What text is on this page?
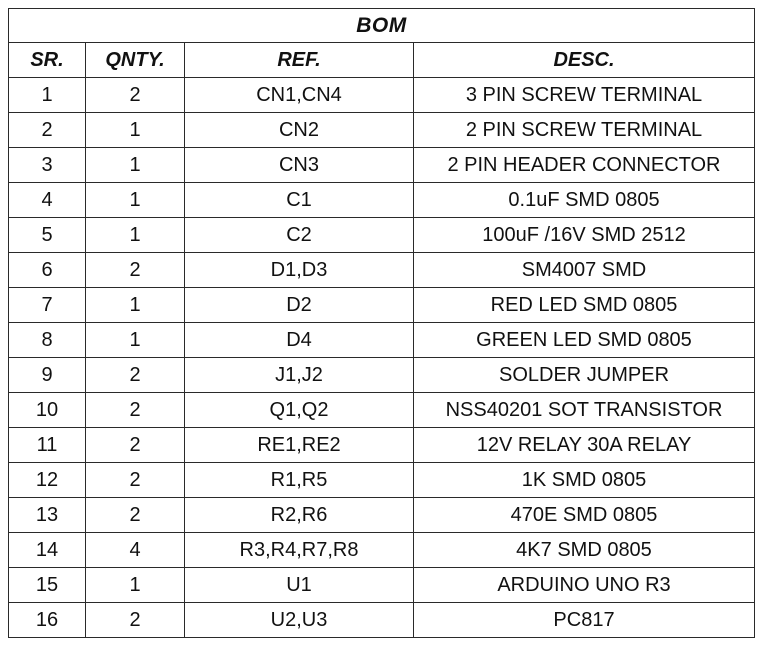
BOM			
SR.	QNTY.	REF.	DESC.
1	2	CN1,CN4	3 PIN SCREW TERMINAL
2	1	CN2	2 PIN SCREW TERMINAL
3	1	CN3	2 PIN HEADER CONNECTOR
4	1	C1	0.1uF SMD 0805
5	1	C2	100uF /16V SMD 2512
6	2	D1,D3	SM4007 SMD
7	1	D2	RED LED SMD 0805
8	1	D4	GREEN LED SMD 0805
9	2	J1,J2	SOLDER JUMPER
10	2	Q1,Q2	NSS40201 SOT TRANSISTOR
11	2	RE1,RE2	12V RELAY 30A RELAY
12	2	R1,R5	1K SMD 0805
13	2	R2,R6	470E SMD 0805
14	4	R3,R4,R7,R8	4K7 SMD 0805
15	1	U1	ARDUINO UNO R3
16	2	U2,U3	PC817
